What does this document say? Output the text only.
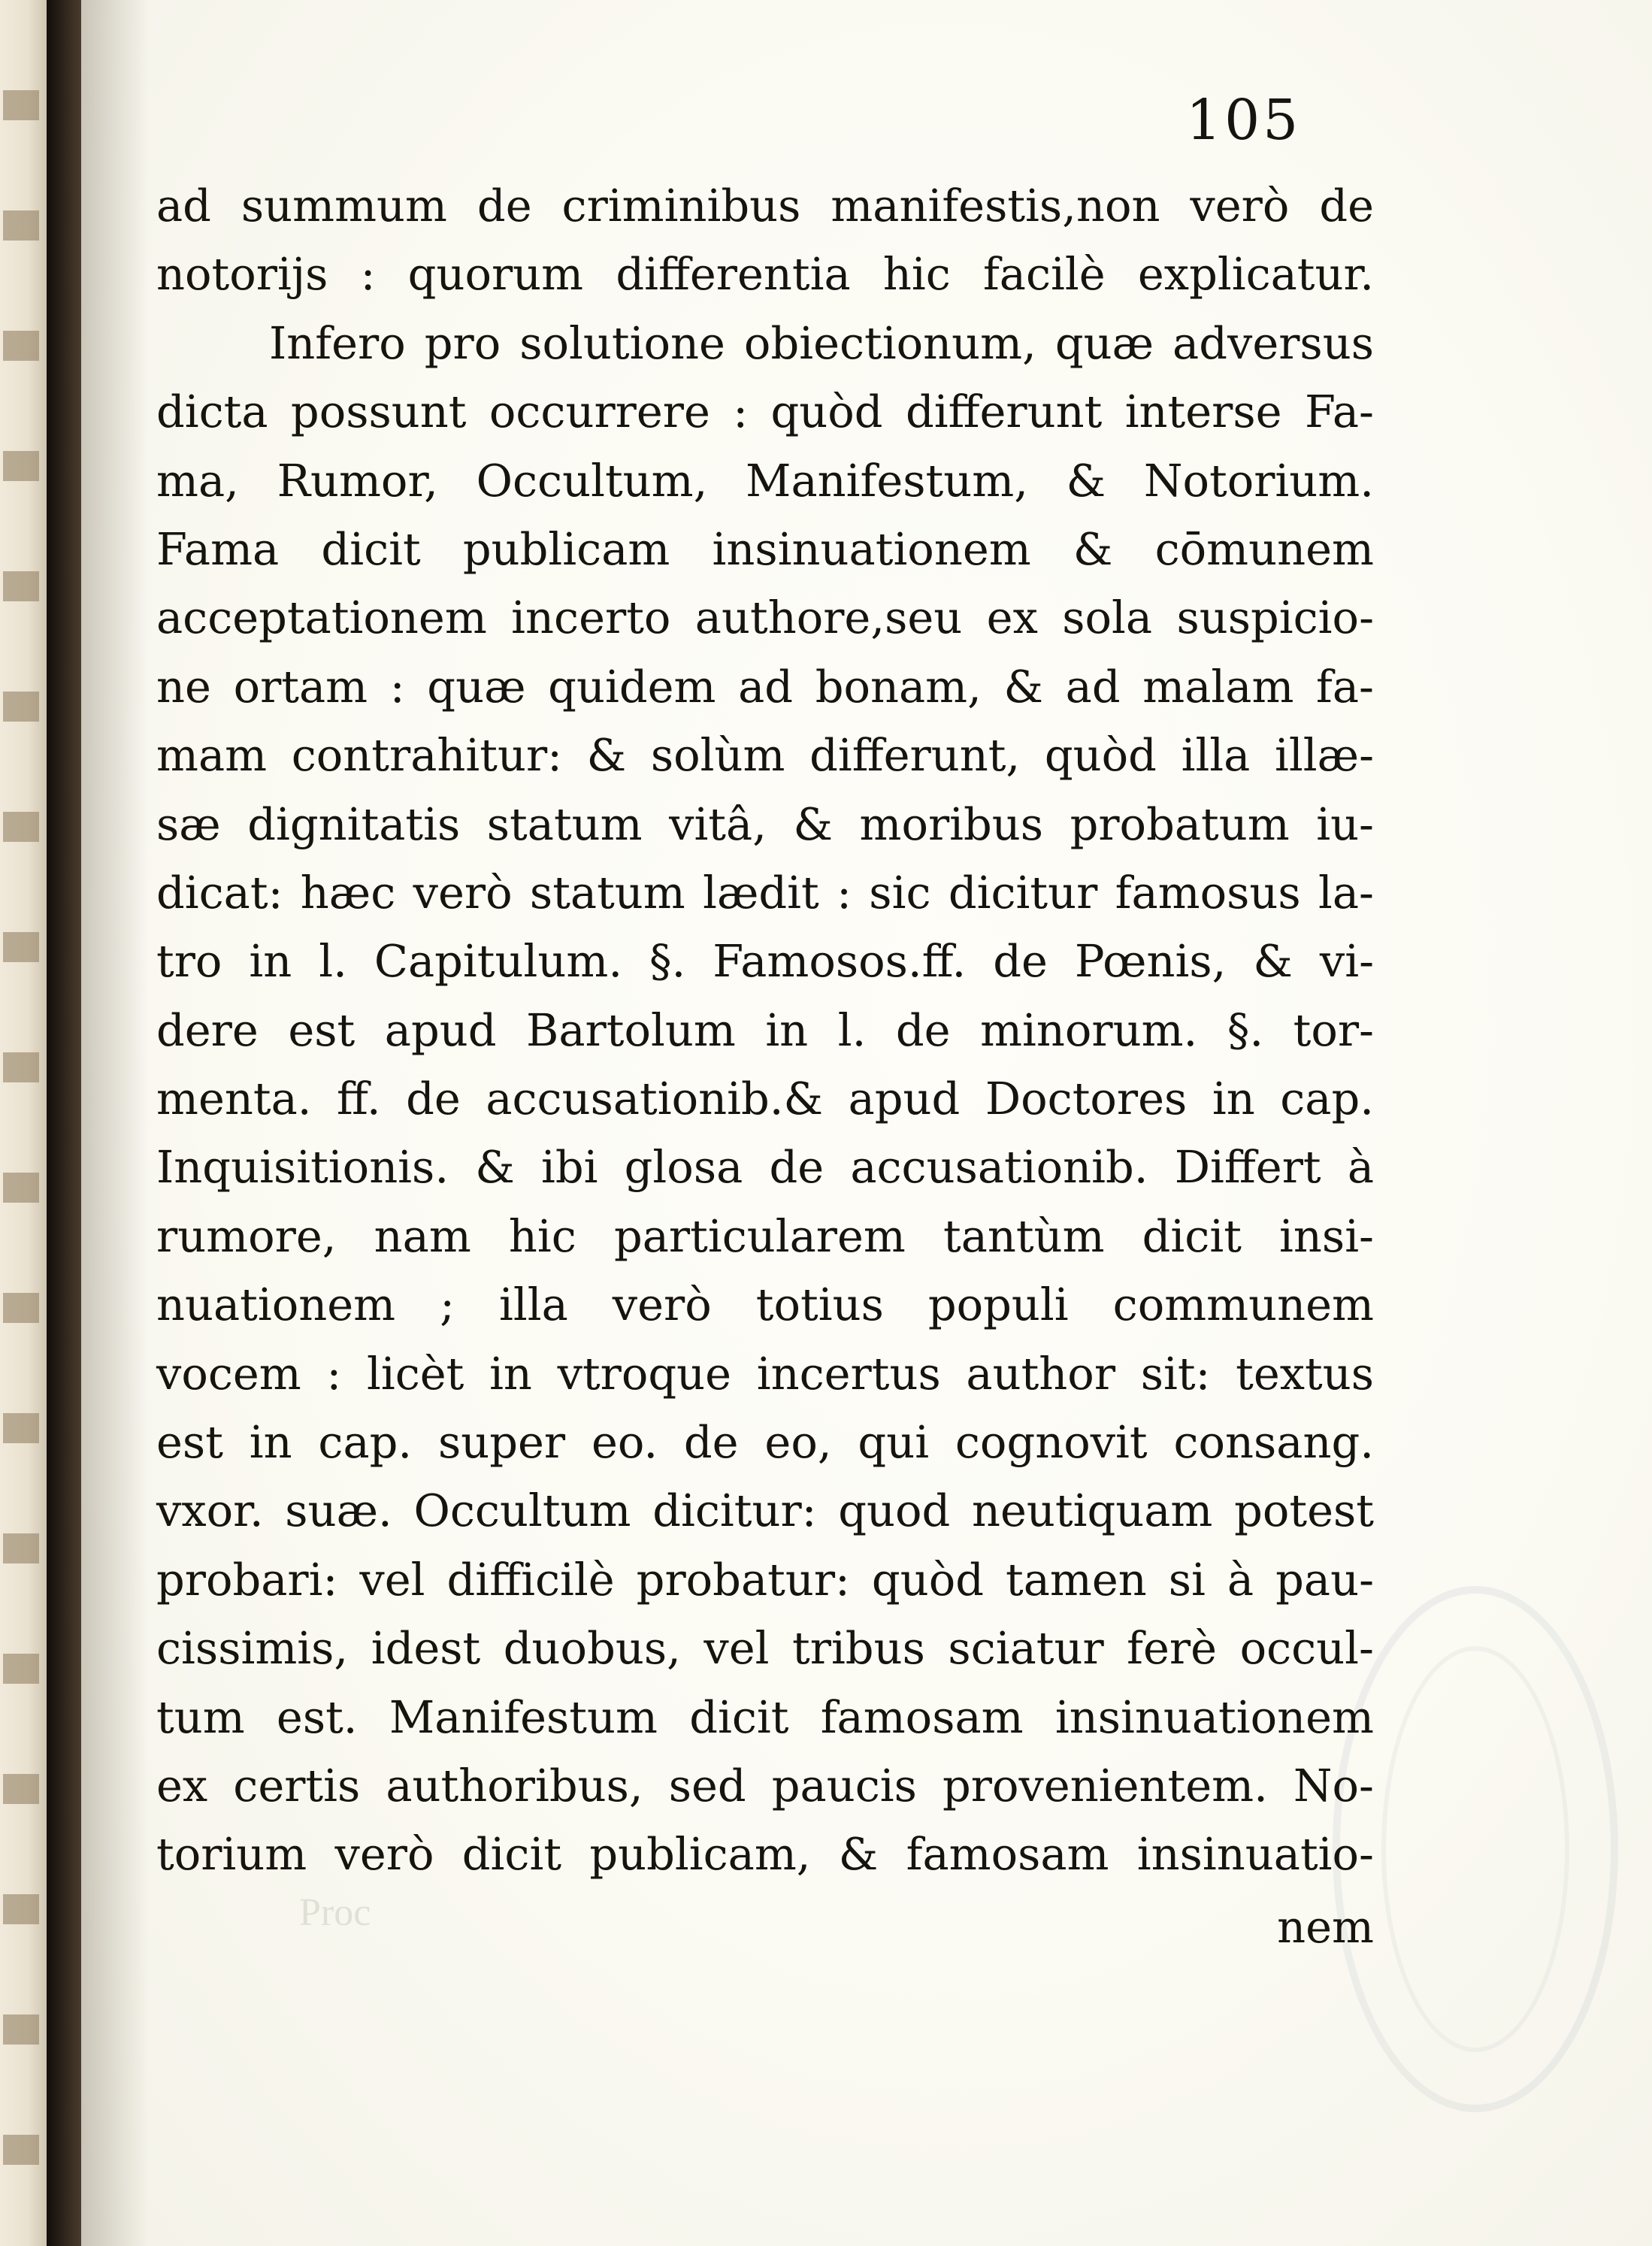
Proc
105
ad summum de criminibus manifestis,non verò de
notorijs : quorum differentia hic facilè explicatur.
Infero pro solutione obiectionum, quæ adversus
dicta possunt occurrere : quòd differunt interse Fa-
ma, Rumor, Occultum, Manifestum, & Notorium.
Fama dicit publicam insinuationem & cōmunem
acceptationem incerto authore,seu ex sola suspicio-
ne ortam : quæ quidem ad bonam, & ad malam fa-
mam contrahitur: & solùm differunt, quòd illa illæ-
sæ dignitatis statum vitâ, & moribus probatum iu-
dicat: hæc verò statum lædit : sic dicitur famosus la-
tro in l. Capitulum. §. Famosos.ff. de Pœnis, & vi-
dere est apud Bartolum in l. de minorum. §. tor-
menta. ff. de accusationib.& apud Doctores in cap.
Inquisitionis. & ibi glosa de accusationib. Differt à
rumore, nam hic particularem tantùm dicit insi-
nuationem ; illa verò totius populi communem
vocem : licèt in vtroque incertus author sit: textus
est in cap. super eo. de eo, qui cognovit consang.
vxor. suæ. Occultum dicitur: quod neutiquam potest
probari: vel difficilè probatur: quòd tamen si à pau-
cissimis, idest duobus, vel tribus sciatur ferè occul-
tum est. Manifestum dicit famosam insinuationem
ex certis authoribus, sed paucis provenientem. No-
torium verò dicit publicam, & famosam insinuatio-
nem
